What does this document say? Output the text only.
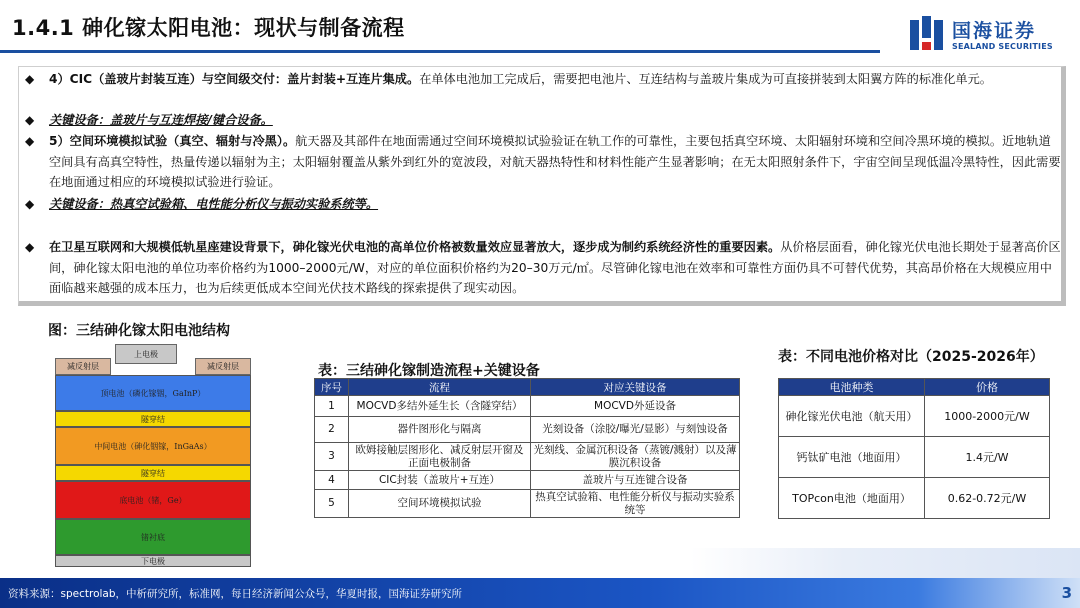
1.4.1 砷化镓太阳电池：现状与制备流程	国海证券
SEALAND SECURITIES
◆	4）CIC（盖玻片封装互连）与空间级交付：盖片封装+互连片集成。在单体电池加工完成后，需要把电池片、互连结构与盖玻片集成为可直接拼装到太阳翼方阵的标准化单元。
◆	关键设备：盖玻片与互连焊接/键合设备。
◆	5）空间环境模拟试验（真空、辐射与冷黑）。航天器及其部件在地面需通过空间环境模拟试验验证在轨工作的可靠性，主要包括真空环境、太阳辐射环境和空间冷黑环境的模拟。近地轨道空间具有高真空特性，热量传递以辐射为主；太阳辐射覆盖从紫外到红外的宽波段，对航天器热特性和材料性能产生显著影响；在无太阳照射条件下，宇宙空间呈现低温冷黑特性，因此需要在地面通过相应的环境模拟试验进行验证。
◆	关键设备：热真空试验箱、电性能分析仪与振动实验系统等。
◆	在卫星互联网和大规模低轨星座建设背景下，砷化镓光伏电池的高单位价格被数量效应显著放大，逐步成为制约系统经济性的重要因素。从价格层面看，砷化镓光伏电池长期处于显著高价区间，砷化镓太阳电池的单位功率价格约为1000–2000元/W，对应的单位面积价格约为20–30万元/㎡。尽管砷化镓电池在效率和可靠性方面仍具不可替代优势，其高昂价格在大规模应用中面临越来越强的成本压力，也为后续更低成本空间光伏技术路线的探索提供了现实动因。
图：三结砷化镓太阳电池结构
上电极
减反射层	减反射层
顶电池（磷化镓铟，GaInP）
隧穿结
中间电池（砷化铟镓，InGaAs）
隧穿结
底电池（锗，Ge）
锗衬底
下电极
表：三结砷化镓制造流程+关键设备
序号	流程	对应关键设备
1	MOCVD多结外延生长（含隧穿结）	MOCVD外延设备
2	器件图形化与隔离	光刻设备（涂胶/曝光/显影）与刻蚀设备
3	欧姆接触层图形化、减反射层开窗及正面电极制备	光刻线、金属沉积设备（蒸镀/溅射）以及薄膜沉积设备
4	CIC封装（盖玻片+互连）	盖玻片与互连键合设备
5	空间环境模拟试验	热真空试验箱、电性能分析仪与振动实验系统等
表：不同电池价格对比（2025-2026年）
电池种类	价格
砷化镓光伏电池（航天用）	1000-2000元/W
钙钛矿电池（地面用）	1.4元/W
TOPcon电池（地面用）	0.62-0.72元/W
资料来源：spectrolab，中析研究所，标准网，每日经济新闻公众号，华夏时报，国海证券研究所	3
